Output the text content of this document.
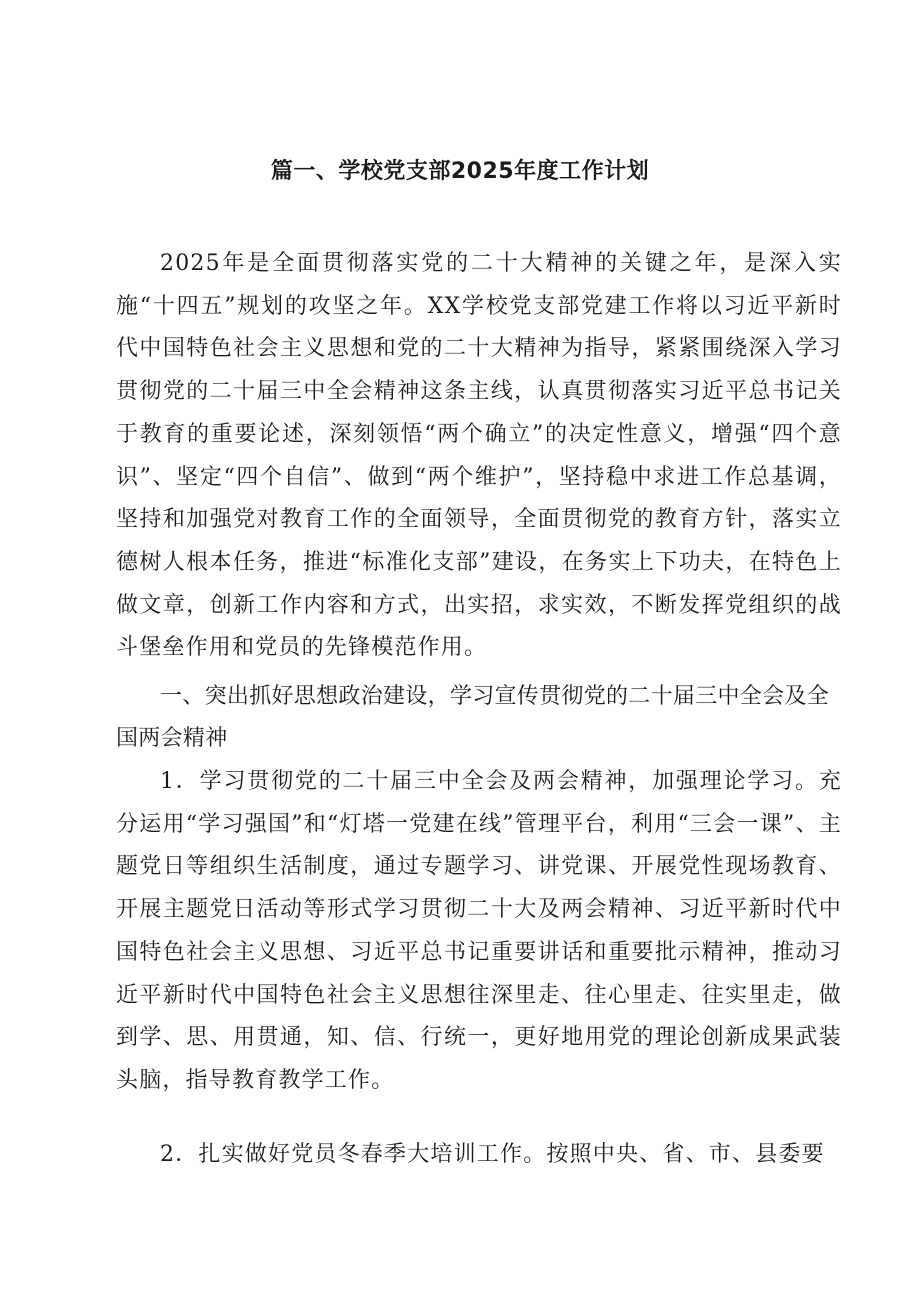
篇一、学校党支部2025年度工作计划

2025年是全面贯彻落实党的二十大精神的关键之年，是深入实施“十四五”规划的攻坚之年。XX学校党支部党建工作将以习近平新时代中国特色社会主义思想和党的二十大精神为指导，紧紧围绕深入学习贯彻党的二十届三中全会精神这条主线，认真贯彻落实习近平总书记关于教育的重要论述，深刻领悟“两个确立”的决定性意义，增强“四个意识”、坚定“四个自信”、做到“两个维护”，坚持稳中求进工作总基调，坚持和加强党对教育工作的全面领导，全面贯彻党的教育方针，落实立德树人根本任务，推进“标准化支部”建设，在务实上下功夫，在特色上做文章，创新工作内容和方式，出实招，求实效，不断发挥党组织的战斗堡垒作用和党员的先锋模范作用。

一、突出抓好思想政治建设，学习宣传贯彻党的二十届三中全会及全国两会精神

1．学习贯彻党的二十届三中全会及两会精神，加强理论学习。充分运用“学习强国”和“灯塔一党建在线”管理平台，利用“三会一课”、主题党日等组织生活制度，通过专题学习、讲党课、开展党性现场教育、开展主题党日活动等形式学习贯彻二十大及两会精神、习近平新时代中国特色社会主义思想、习近平总书记重要讲话和重要批示精神，推动习近平新时代中国特色社会主义思想往深里走、往心里走、往实里走，做到学、思、用贯通，知、信、行统一，更好地用党的理论创新成果武装头脑，指导教育教学工作。

2．扎实做好党员冬春季大培训工作。按照中央、省、市、县委要
